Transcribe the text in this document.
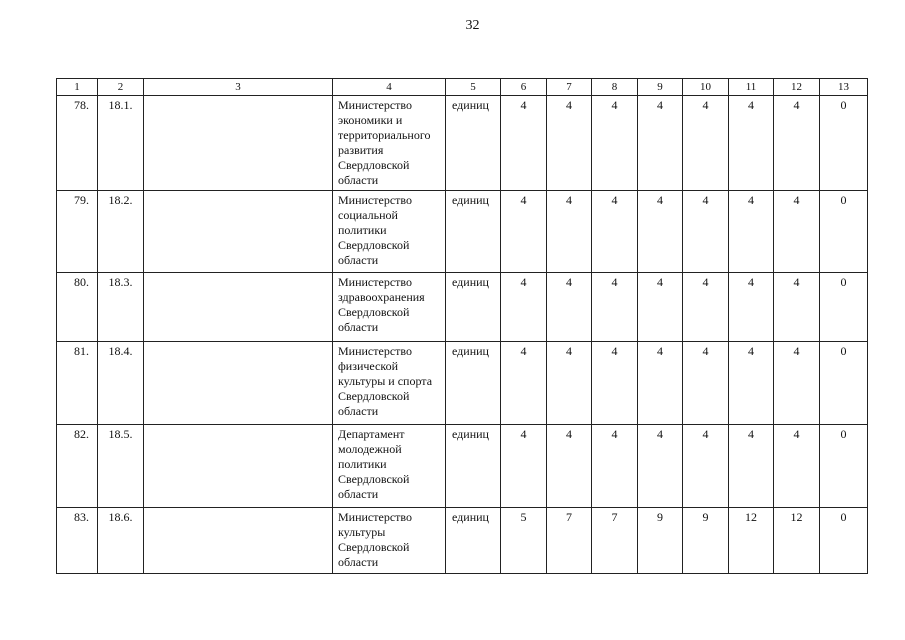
32
1	2	3	4	5	6	7	8	9	10	11	12	13
78.	18.1.		Министерство экономики и территориального развития Свердловской области	единиц	4	4	4	4	4	4	4	0
79.	18.2.		Министерство социальной политики Свердловской области	единиц	4	4	4	4	4	4	4	0
80.	18.3.		Министерство здравоохранения Свердловской области	единиц	4	4	4	4	4	4	4	0
81.	18.4.		Министерство физической культуры и спорта Свердловской области	единиц	4	4	4	4	4	4	4	0
82.	18.5.		Департамент молодежной политики Свердловской области	единиц	4	4	4	4	4	4	4	0
83.	18.6.		Министерство культуры Свердловской области	единиц	5	7	7	9	9	12	12	0
